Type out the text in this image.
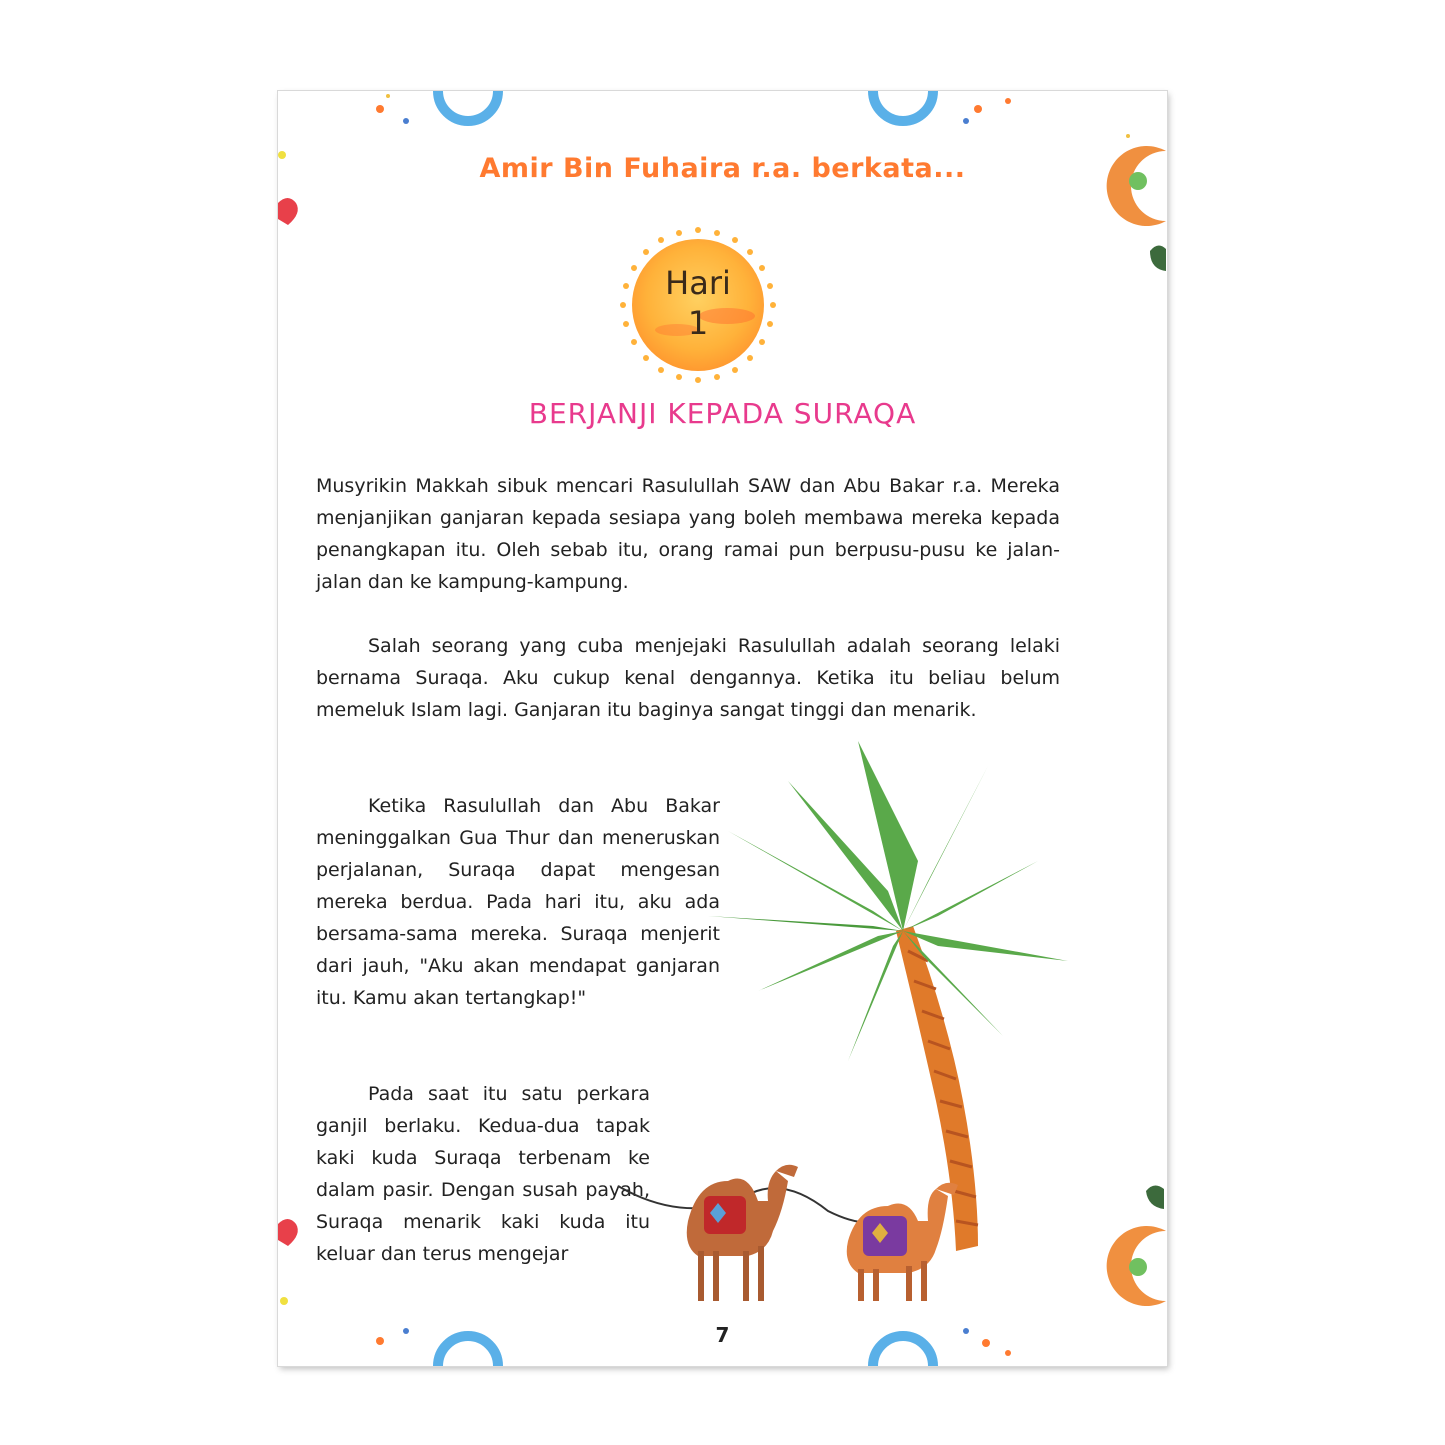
Amir Bin Fuhaira r.a. berkata...
Hari
1
BERJANJI KEPADA SURAQA

Musyrikin Makkah sibuk mencari Rasulullah SAW dan Abu Bakar r.a. Mereka menjanjikan ganjaran kepada sesiapa yang boleh membawa mereka kepada penangkapan itu. Oleh sebab itu, orang ramai pun berpusu-pusu ke jalan-jalan dan ke kampung-kampung.

Salah seorang yang cuba menjejaki Rasulullah adalah seorang lelaki bernama Suraqa. Aku cukup kenal dengannya. Ketika itu beliau belum memeluk Islam lagi. Ganjaran itu baginya sangat tinggi dan menarik.

Ketika Rasulullah dan Abu Bakar meninggalkan Gua Thur dan meneruskan perjalanan, Suraqa dapat mengesan mereka berdua. Pada hari itu, aku ada bersama-sama mereka. Suraqa menjerit dari jauh, "Aku akan mendapat ganjaran itu. Kamu akan tertangkap!"

Pada saat itu satu perkara ganjil berlaku. Kedua-dua tapak kaki kuda Suraqa terbenam ke dalam pasir. Dengan susah payah, Suraqa menarik kaki kuda itu keluar dan terus mengejar

7
